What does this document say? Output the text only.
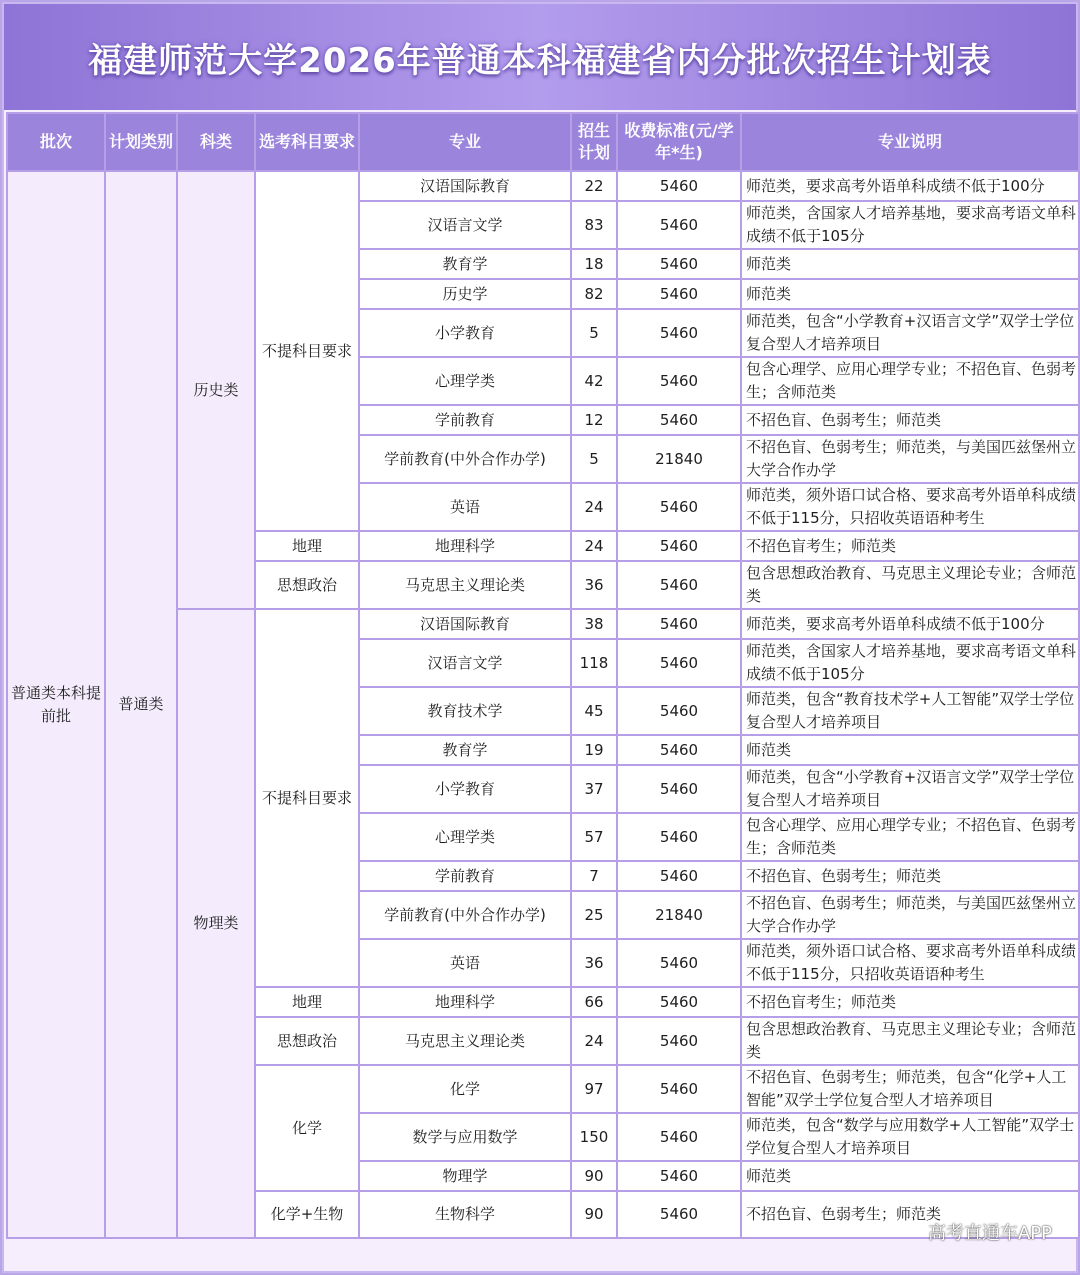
福建师范大学2026年普通本科福建省内分批次招生计划表
批次	计划类别	科类	选考科目要求	专业	招生计划	收费标准(元/学年*生)	专业说明
普通类本科提前批	普通类	历史类	不提科目要求	汉语国际教育	22	5460	师范类，要求高考外语单科成绩不低于100分
				汉语言文学	83	5460	师范类，含国家人才培养基地，要求高考语文单科成绩不低于105分
				教育学	18	5460	师范类
				历史学	82	5460	师范类
				小学教育	5	5460	师范类，包含“小学教育+汉语言文学”双学士学位复合型人才培养项目
				心理学类	42	5460	包含心理学、应用心理学专业；不招色盲、色弱考生；含师范类
				学前教育	12	5460	不招色盲、色弱考生；师范类
				学前教育(中外合作办学)	5	21840	不招色盲、色弱考生；师范类，与美国匹兹堡州立大学合作办学
				英语	24	5460	师范类，须外语口试合格、要求高考外语单科成绩不低于115分，只招收英语语种考生
			地理	地理科学	24	5460	不招色盲考生；师范类
			思想政治	马克思主义理论类	36	5460	包含思想政治教育、马克思主义理论专业；含师范类
		物理类	不提科目要求	汉语国际教育	38	5460	师范类，要求高考外语单科成绩不低于100分
				汉语言文学	118	5460	师范类，含国家人才培养基地，要求高考语文单科成绩不低于105分
				教育技术学	45	5460	师范类，包含“教育技术学+人工智能”双学士学位复合型人才培养项目
				教育学	19	5460	师范类
				小学教育	37	5460	师范类，包含“小学教育+汉语言文学”双学士学位复合型人才培养项目
				心理学类	57	5460	包含心理学、应用心理学专业；不招色盲、色弱考生；含师范类
				学前教育	7	5460	不招色盲、色弱考生；师范类
				学前教育(中外合作办学)	25	21840	不招色盲、色弱考生；师范类，与美国匹兹堡州立大学合作办学
				英语	36	5460	师范类，须外语口试合格、要求高考外语单科成绩不低于115分，只招收英语语种考生
			地理	地理科学	66	5460	不招色盲考生；师范类
			思想政治	马克思主义理论类	24	5460	包含思想政治教育、马克思主义理论专业；含师范类
			化学	化学	97	5460	不招色盲、色弱考生；师范类，包含“化学+人工智能”双学士学位复合型人才培养项目
				数学与应用数学	150	5460	师范类，包含“数学与应用数学+人工智能”双学士学位复合型人才培养项目
				物理学	90	5460	师范类
			化学+生物	生物科学	90	5460	不招色盲、色弱考生；师范类
高考直通车APP
